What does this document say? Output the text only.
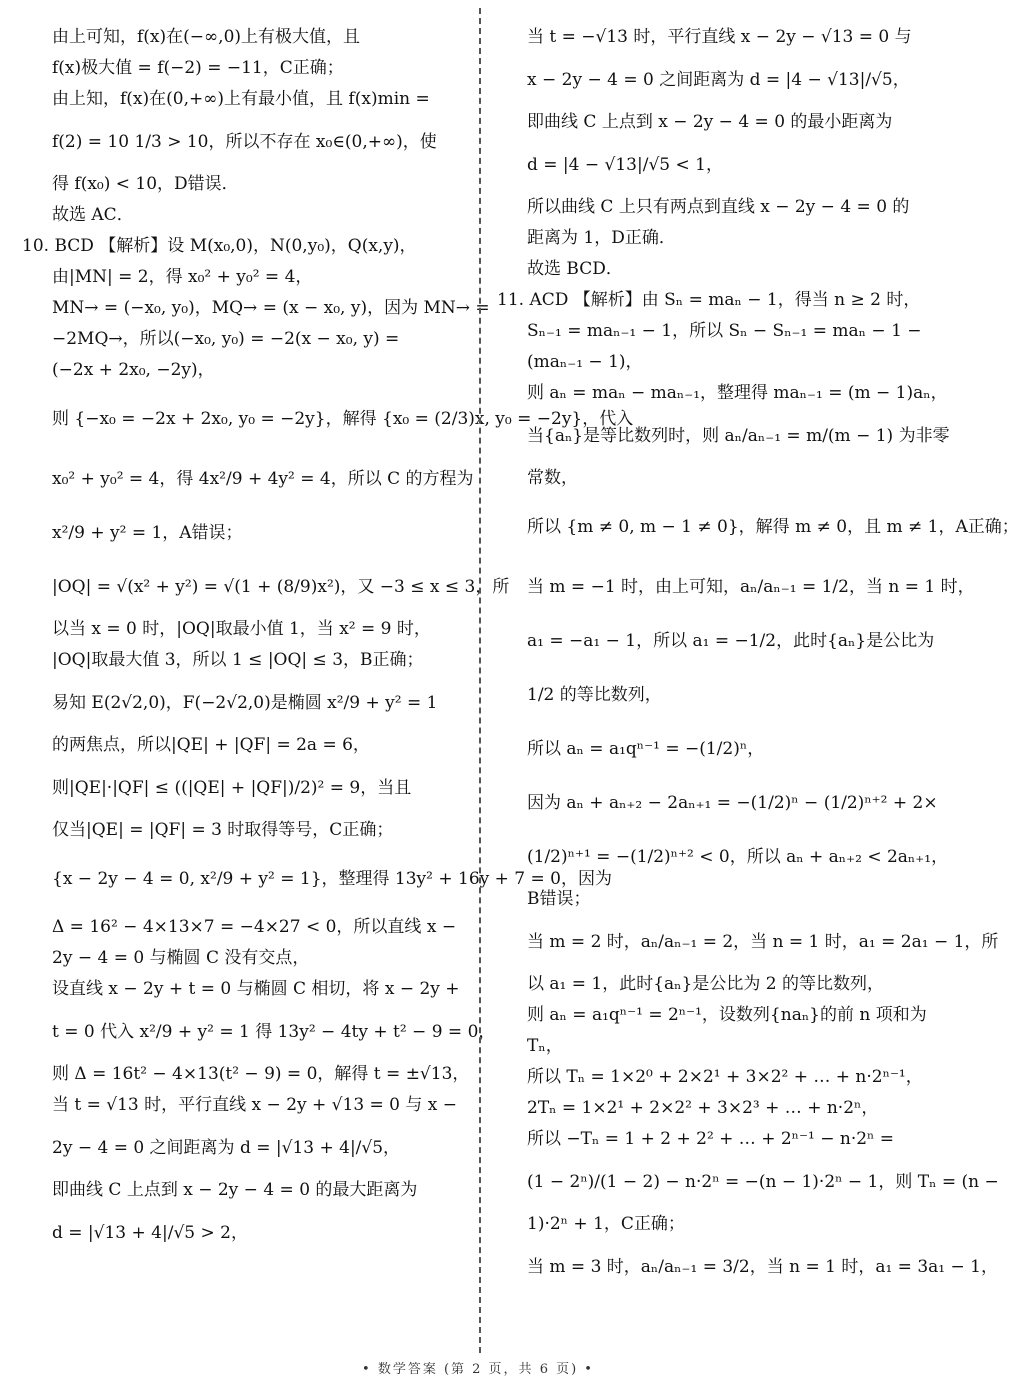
由上可知，f(x)在(−∞,0)上有极大值，且

f(x)极大值 = f(−2) = −11，C正确；

由上知，f(x)在(0,+∞)上有最小值，且 f(x)min =

f(2) = 10 1/3 > 10，所以不存在 x₀∈(0,+∞)，使

得 f(x₀) < 10，D错误．

故选 AC．

10. BCD 【解析】设 M(x₀,0)，N(0,y₀)，Q(x,y)，

由|MN| = 2，得 x₀² + y₀² = 4，

MN→ = (−x₀, y₀)，MQ→ = (x − x₀, y)，因为 MN→ =

−2MQ→，所以(−x₀, y₀) = −2(x − x₀, y) =

(−2x + 2x₀, −2y)，

则 {−x₀ = −2x + 2x₀, y₀ = −2y}，解得 {x₀ = (2/3)x, y₀ = −2y}，代入

x₀² + y₀² = 4，得 4x²/9 + 4y² = 4，所以 C 的方程为

x²/9 + y² = 1，A错误；

|OQ| = √(x² + y²) = √(1 + (8/9)x²)，又 −3 ≤ x ≤ 3，所

以当 x = 0 时，|OQ|取最小值 1，当 x² = 9 时，

|OQ|取最大值 3，所以 1 ≤ |OQ| ≤ 3，B正确；

易知 E(2√2,0)，F(−2√2,0)是椭圆 x²/9 + y² = 1

的两焦点，所以|QE| + |QF| = 2a = 6，

则|QE|·|QF| ≤ ((|QE| + |QF|)/2)² = 9，当且

仅当|QE| = |QF| = 3 时取得等号，C正确；

{x − 2y − 4 = 0, x²/9 + y² = 1}，整理得 13y² + 16y + 7 = 0，因为

Δ = 16² − 4×13×7 = −4×27 < 0，所以直线 x −

2y − 4 = 0 与椭圆 C 没有交点，

设直线 x − 2y + t = 0 与椭圆 C 相切，将 x − 2y +

t = 0 代入 x²/9 + y² = 1 得 13y² − 4ty + t² − 9 = 0，

则 Δ = 16t² − 4×13(t² − 9) = 0，解得 t = ±√13，

当 t = √13 时，平行直线 x − 2y + √13 = 0 与 x −

2y − 4 = 0 之间距离为 d = |√13 + 4|/√5，

即曲线 C 上点到 x − 2y − 4 = 0 的最大距离为

d = |√13 + 4|/√5 > 2，

当 t = −√13 时，平行直线 x − 2y − √13 = 0 与

x − 2y − 4 = 0 之间距离为 d = |4 − √13|/√5，

即曲线 C 上点到 x − 2y − 4 = 0 的最小距离为

d = |4 − √13|/√5 < 1，

所以曲线 C 上只有两点到直线 x − 2y − 4 = 0 的

距离为 1，D正确．

故选 BCD．

11. ACD 【解析】由 Sₙ = maₙ − 1，得当 n ≥ 2 时，

Sₙ₋₁ = maₙ₋₁ − 1，所以 Sₙ − Sₙ₋₁ = maₙ − 1 −

(maₙ₋₁ − 1)，

则 aₙ = maₙ − maₙ₋₁，整理得 maₙ₋₁ = (m − 1)aₙ，

当{aₙ}是等比数列时，则 aₙ/aₙ₋₁ = m/(m − 1) 为非零

常数，

所以 {m ≠ 0, m − 1 ≠ 0}，解得 m ≠ 0，且 m ≠ 1，A正确；

当 m = −1 时，由上可知，aₙ/aₙ₋₁ = 1/2，当 n = 1 时，

a₁ = −a₁ − 1，所以 a₁ = −1/2，此时{aₙ}是公比为

1/2 的等比数列，

所以 aₙ = a₁qⁿ⁻¹ = −(1/2)ⁿ，

因为 aₙ + aₙ₊₂ − 2aₙ₊₁ = −(1/2)ⁿ − (1/2)ⁿ⁺² + 2×

(1/2)ⁿ⁺¹ = −(1/2)ⁿ⁺² < 0，所以 aₙ + aₙ₊₂ < 2aₙ₊₁，

B错误；

当 m = 2 时，aₙ/aₙ₋₁ = 2，当 n = 1 时，a₁ = 2a₁ − 1，所

以 a₁ = 1，此时{aₙ}是公比为 2 的等比数列，

则 aₙ = a₁qⁿ⁻¹ = 2ⁿ⁻¹，设数列{naₙ}的前 n 项和为

Tₙ，

所以 Tₙ = 1×2⁰ + 2×2¹ + 3×2² + … + n·2ⁿ⁻¹，

2Tₙ = 1×2¹ + 2×2² + 3×2³ + … + n·2ⁿ，

所以 −Tₙ = 1 + 2 + 2² + … + 2ⁿ⁻¹ − n·2ⁿ =

(1 − 2ⁿ)/(1 − 2) − n·2ⁿ = −(n − 1)·2ⁿ − 1，则 Tₙ = (n −

1)·2ⁿ + 1，C正确；

当 m = 3 时，aₙ/aₙ₋₁ = 3/2，当 n = 1 时，a₁ = 3a₁ − 1，

• 数学答案 (第 2 页，共 6 页) •
